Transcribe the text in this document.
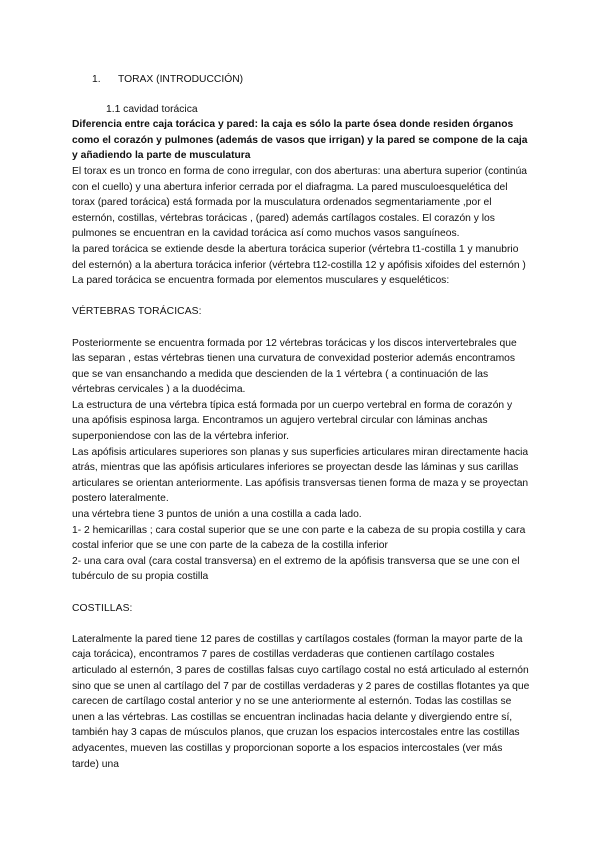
1. TORAX (INTRODUCCIÓN)

1.1 cavidad torácica

Diferencia entre caja torácica y pared: la caja es sólo la parte ósea donde residen órganos como el corazón y pulmones (además de vasos que irrigan) y la pared se compone de la caja y añadiendo la parte de musculatura

El torax es un tronco en forma de cono irregular, con dos aberturas: una abertura superior (continúa con el cuello) y una abertura inferior cerrada por el diafragma. La pared musculoesquelética del torax (pared torácica) está formada por la musculatura ordenados segmentariamente ,por el esternón, costillas, vértebras torácicas , (pared) además cartílagos costales. El corazón y los pulmones se encuentran en la cavidad torácica así como muchos vasos sanguíneos.

la pared torácica se extiende desde la abertura torácica superior (vértebra t1-costilla 1 y manubrio del esternón) a la abertura torácica inferior (vértebra t12-costilla 12 y apófisis xifoides del esternón ) La pared torácica se encuentra formada por elementos musculares y esqueléticos:

VÉRTEBRAS TORÁCICAS:

Posteriormente se encuentra formada por 12 vértebras torácicas y los discos intervertebrales que las separan , estas vértebras tienen una curvatura de convexidad posterior además encontramos que se van ensanchando a medida que descienden de la 1 vértebra ( a continuación de las vértebras cervicales ) a la duodécima.

La estructura de una vértebra típica está formada por un cuerpo vertebral en forma de corazón y una apófisis espinosa larga. Encontramos un agujero vertebral circular con láminas anchas superponiendose con las de la vértebra inferior.

Las apófisis articulares superiores son planas y sus superficies articulares miran directamente hacia atrás, mientras que las apófisis articulares inferiores se proyectan desde las láminas y sus carillas articulares se orientan anteriormente. Las apófisis transversas tienen forma de maza y se proyectan postero lateralmente.

una vértebra tiene 3 puntos de unión a una costilla a cada lado.

1- 2 hemicarillas ; cara costal superior que se une con parte e la cabeza de su propia costilla y cara costal inferior que se une con parte de la cabeza de la costilla inferior

2- una cara oval (cara costal transversa) en el extremo de la apófisis transversa que se une con el tubérculo de su propia costilla

COSTILLAS:

Lateralmente la pared tiene 12 pares de costillas y cartílagos costales (forman la mayor parte de la caja torácica), encontramos 7 pares de costillas verdaderas que contienen cartílago costales articulado al esternón, 3 pares de costillas falsas cuyo cartílago costal no está articulado al esternón sino que se unen al cartílago del 7 par de costillas verdaderas y 2 pares de costillas flotantes ya que carecen de cartílago costal anterior y no se une anteriormente al esternón. Todas las costillas se unen a las vértebras. Las costillas se encuentran inclinadas hacia delante y divergiendo entre sí, también hay 3 capas de músculos planos, que cruzan los espacios intercostales entre las costillas adyacentes, mueven las costillas y proporcionan soporte a los espacios intercostales (ver más tarde) una
